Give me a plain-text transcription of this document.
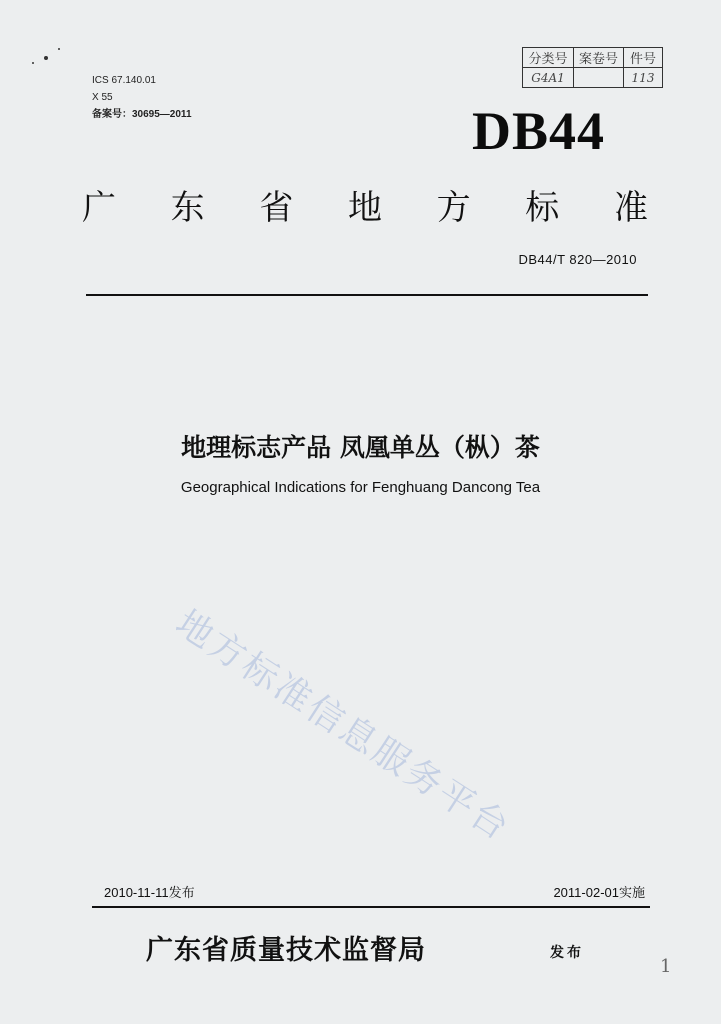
ICS 67.140.01
X 55
备案号：30695—2011
分类号	案卷号	件号
G4A1		113
DB44
广 东 省 地 方 标 准
DB44/T 820—2010
地理标志产品 凤凰单丛（枞）茶
Geographical Indications for Fenghuang Dancong Tea
地方标准信息服务平台
2010-11-11发布	2011-02-01实施
广东省质量技术监督局	发布
1
